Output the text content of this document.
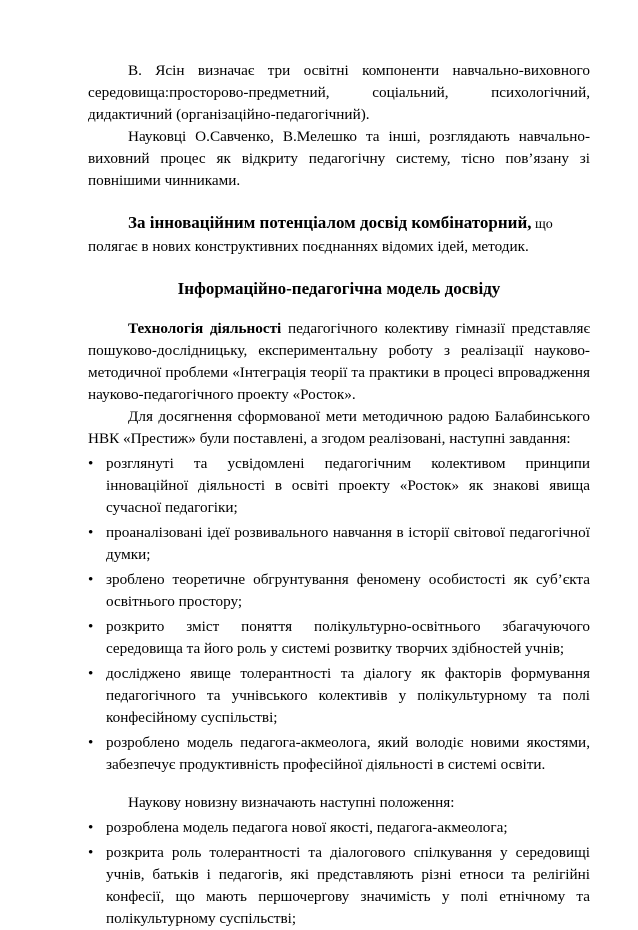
В. Ясін визначає три освітні компоненти навчально-виховного середовища:просторово-предметний, соціальний, психологічний, дидактичний (організаційно-педагогічний).

Науковці О.Савченко, В.Мелешко та інші, розглядають навчально-виховний процес як відкриту педагогічну систему, тісно пов’язану зі повнішими чинниками.

За інноваційним потенціалом досвід комбінаторний, що

полягає в нових конструктивних поєднаннях відомих ідей, методик.

Інформаційно-педагогічна модель досвіду

Технологія діяльності педагогічного колективу гімназії представляє пошуково-дослідницьку, експериментальну роботу з реалізації науково-методичної проблеми «Інтеграція теорії та практики в процесі впровадження науково-педагогічного проекту «Росток».

Для досягнення сформованої мети методичною радою Балабинського НВК «Престиж» були поставлені, а згодом реалізовані, наступні завдання:

• розглянуті та усвідомлені педагогічним колективом принципи інноваційної діяльності в освіті проекту «Росток» як знакові явища сучасної педагогіки;
• проаналізовані ідеї розвивального навчання в історії світової педагогічної думки;
• зроблено теоретичне обгрунтування феномену особистості як суб’єкта освітнього простору;
• розкрито зміст поняття полікультурно-освітнього збагачуючого середовища та його роль у системі розвитку творчих здібностей учнів;
• досліджено явище толерантності та діалогу як факторів формування педагогічного та учнівського колективів у полікультурному та полі конфесійному суспільстві;
• розроблено модель педагога-акмеолога, який володіє новими якостями, забезпечує продуктивність професійної діяльності в системі освіти.

Наукову новизну визначають наступні положення:

• розроблена модель педагога нової якості, педагога-акмеолога;
• розкрита роль толерантності та діалогового спілкування у середовищі учнів, батьків і педагогів, які представляють різні етноси та релігійні конфесії, що мають першочергову значимість у полі етнічному та полікультурному суспільстві;
